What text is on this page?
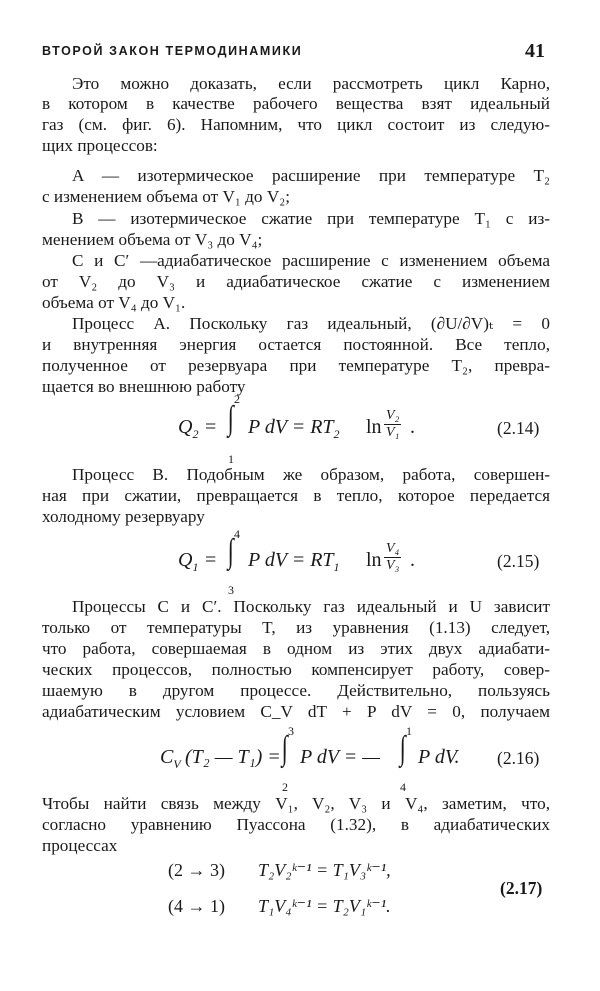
ВТОРОЙ ЗАКОН ТЕРМОДИНАМИКИ	41
Это можно доказать, если рассмотреть цикл Карно,
в котором в качестве рабочего вещества взят идеальный
газ (см. фиг. 6). Напомним, что цикл состоит из следую-
щих процессов:
A — изотермическое расширение при температуре T₂
с изменением объема от V₁ до V₂;
B — изотермическое сжатие при температуре T₁ с из-
менением объема от V₃ до V₄;
C и C′ —адиабатическое расширение с изменением объема
от V₂ до V₃ и адиабатическое сжатие с изменением
объема от V₄ до V₁.
Процесс A. Поскольку газ идеальный, (∂U/∂V)ₜ = 0
и внутренняя энергия остается постоянной. Все тепло,
полученное от резервуара при температуре T₂, превра-
щается во внешнюю работу
$Q_2$ = ∫
2
1
P dV = $RT_2$ $\ln \frac{\text{V₂}}{\text{V₁}}$ .	(2.14)
Процесс B. Подобным же образом, работа, совершен-
ная при сжатии, превращается в тепло, которое передается
холодному резервуару
$Q_1$ = ∫ 4
3
P dV = $RT_1$ $\ln \frac{\text{V₄}}{\text{V₃}}$ .	(2.15)
Процессы C и C′. Поскольку газ идеальный и U зависит
только от температуры T, из уравнения (1.13) следует,
что работа, совершаемая в одном из этих двух адиабати-
ческих процессов, полностью компенсирует работу, совер-
шаемую в другом процессе. Действительно, пользуясь
адиабатическим условием C_V dT + P dV = 0, получаем
$C_V$ (T₂ — T₁) = ∫ 3
2
P dV = — ∫ 1
4
P dV. (2.16)
Чтобы найти связь между V₁, V₂, V₃ и V₄, заметим, что,
согласно уравнению Пуассона (1.32), в адиабатических
процессах
(2 → 3) T₂V₂ᵏ⁻¹ = T₁V₃ᵏ⁻¹,
(4 → 1) T₁V₄ᵏ⁻¹ = T₂V₁ᵏ⁻¹.
(2.17)
